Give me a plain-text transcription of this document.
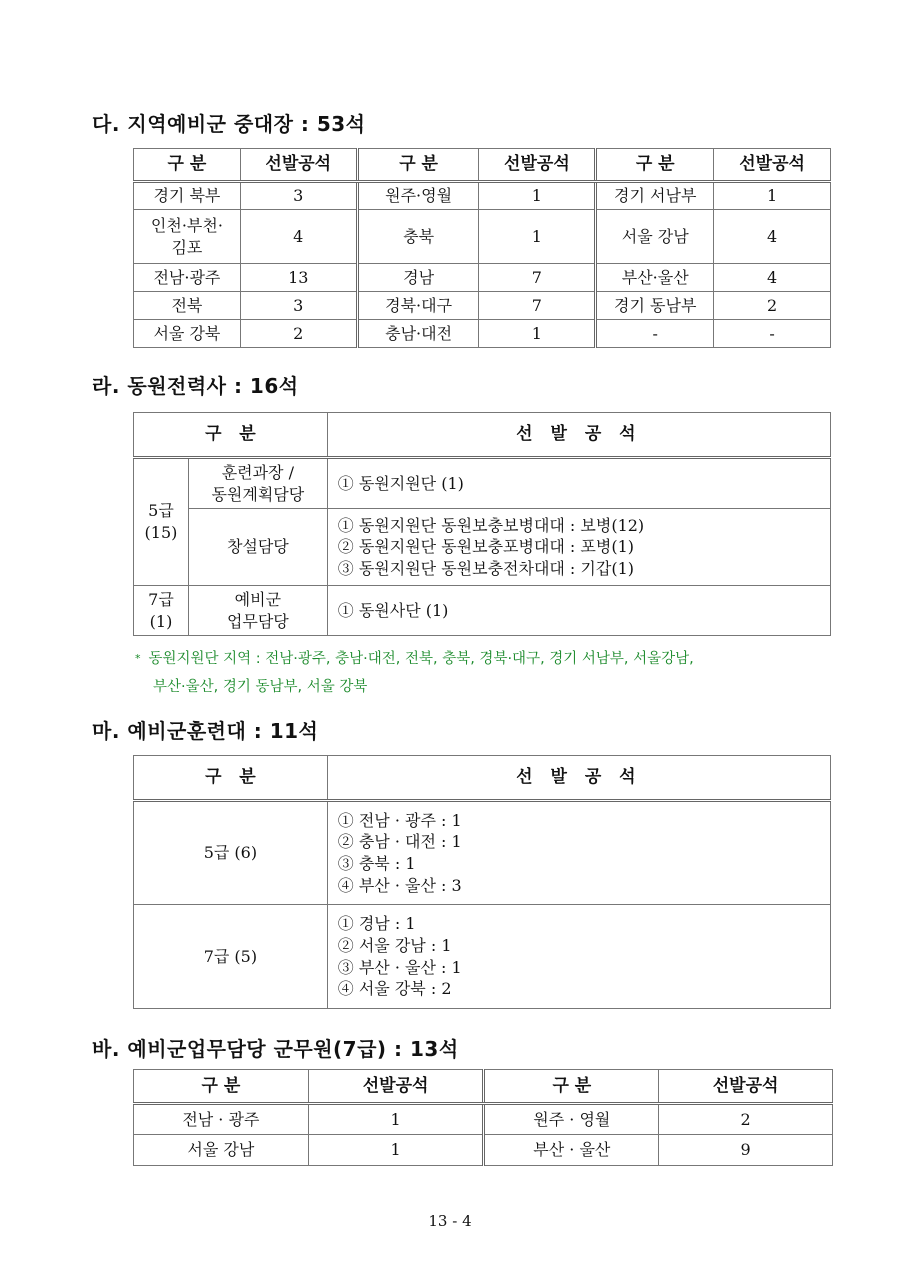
다. 지역예비군 중대장 : 53석
구 분	선발공석	구 분	선발공석	구 분	선발공석
경기 북부	3	원주·영월	1	경기 서남부	1

인천·부천·
김포	4	충북	1	서울 강남	4
전남·광주	13	경남	7	부산·울산	4
전북	3	경북·대구	7	경기 동남부	2
서울 강북	2	충남·대전	1	-	-
라. 동원전력사 : 16석
구   분		선 발 공 석

5급
(15)	훈련과장 /
동원계획담당	① 동원지원단 (1)
	창설담당	① 동원지원단 동원보충보병대대 : 보병(12)
② 동원지원단 동원보충포병대대 : 포병(1)
③ 동원지원단 동원보충전차대대 : 기갑(1)

7급
(1)	예비군
업무담당	① 동원사단 (1)
* 동원지원단 지역 : 전남·광주, 충남·대전, 전북, 충북, 경북·대구, 경기 서남부, 서울강남,
부산·울산, 경기 동남부, 서울 강북
마. 예비군훈련대 : 11석
구   분	선 발 공 석
5급 (6)	① 전남 · 광주 : 1
② 충남 · 대전 : 1
③ 충북 : 1
④ 부산 · 울산 : 3

7급 (5)	① 경남 : 1
② 서울 강남 : 1
③ 부산 · 울산 : 1
④ 서울 강북 : 2
바. 예비군업무담당 군무원(7급) : 13석
구 분	선발공석	구 분	선발공석
전남 · 광주	1	원주 · 영월	2
서울 강남	1	부산 · 울산	9
13 - 4
